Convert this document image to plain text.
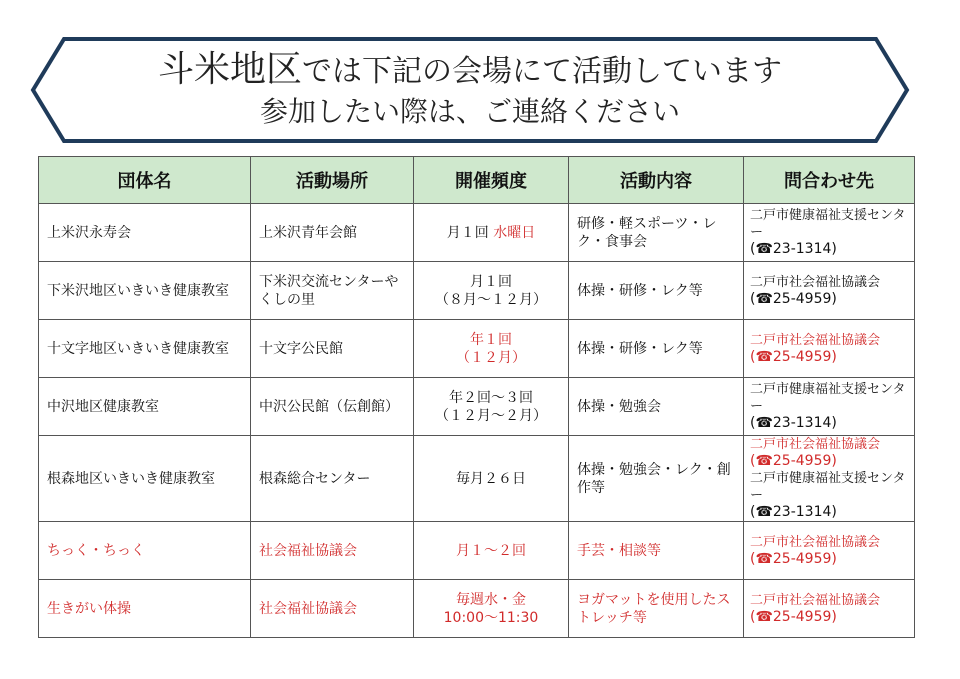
斗米地区では下記の会場にて活動しています
参加したい際は、ご連絡ください
団体名	活動場所	開催頻度	活動内容	問合わせ先
上米沢永寿会	上米沢青年会館	月１回 水曜日	研修・軽スポーツ・レク・食事会	二戸市健康福祉支援センター
(☎23-1314)

下米沢地区いきいき健康教室	下米沢交流センターやくしの里	月１回
（８月～１２月）	体操・研修・レク等	二戸市社会福祉協議会
(☎25-4959)

十文字地区いきいき健康教室	十文字公民館	年１回
（１２月）	体操・研修・レク等	二戸市社会福祉協議会
(☎25-4959)

中沢地区健康教室	中沢公民館（伝創館）	年２回～３回
（１２月～２月）	体操・勉強会	二戸市健康福祉支援センター
(☎23-1314)

根森地区いきいき健康教室	根森総合センター	毎月２６日	体操・勉強会・レク・創作等	二戸市社会福祉協議会
(☎25-4959)
二戸市健康福祉支援センター
(☎23-1314)

ちっく・ちっく	社会福祉協議会	月１～２回	手芸・相談等	二戸市社会福祉協議会
(☎25-4959)

生きがい体操	社会福祉協議会	毎週水・金
10:00～11:30	ヨガマットを使用したストレッチ等	二戸市社会福祉協議会
(☎25-4959)
